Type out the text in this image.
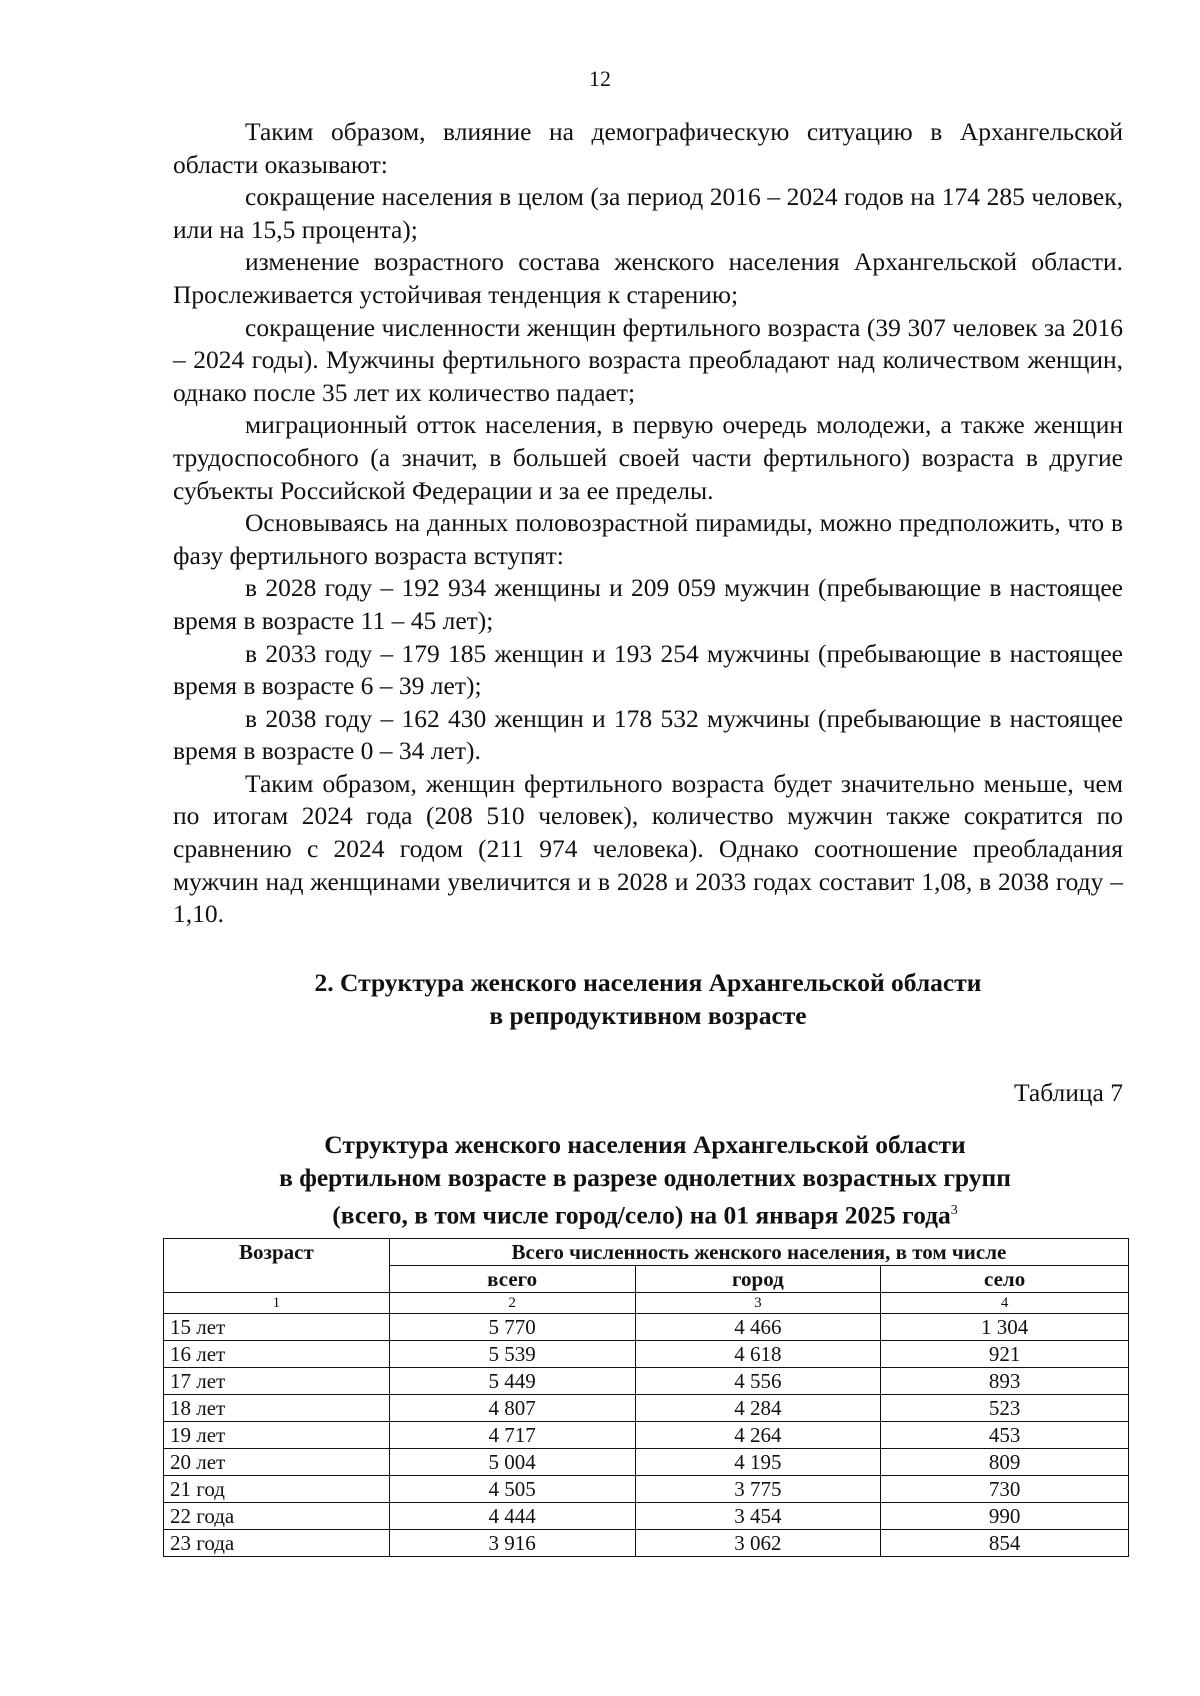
12

Таким образом, влияние на демографическую ситуацию в Архангельской области оказывают:

сокращение населения в целом (за период 2016 – 2024 годов на 174 285 человек, или на 15,5 процента);

изменение возрастного состава женского населения Архангельской области. Прослеживается устойчивая тенденция к старению;

сокращение численности женщин фертильного возраста (39 307 человек за 2016 – 2024 годы). Мужчины фертильного возраста преобладают над количеством женщин, однако после 35 лет их количество падает;

миграционный отток населения, в первую очередь молодежи, а также женщин трудоспособного (а значит, в большей своей части фертильного) возраста в другие субъекты Российской Федерации и за ее пределы.

Основываясь на данных половозрастной пирамиды, можно предположить, что в фазу фертильного возраста вступят:

в 2028 году – 192 934 женщины и 209 059 мужчин (пребывающие в настоящее время в возрасте 11 – 45 лет);

в 2033 году – 179 185 женщин и 193 254 мужчины (пребывающие в настоящее время в возрасте 6 – 39 лет);

в 2038 году – 162 430 женщин и 178 532 мужчины (пребывающие в настоящее время в возрасте 0 – 34 лет).

Таким образом, женщин фертильного возраста будет значительно меньше, чем по итогам 2024 года (208 510 человек), количество мужчин также сократится по сравнению с 2024 годом (211 974 человека). Однако соотношение преобладания мужчин над женщинами увеличится и в 2028 и 2033 годах составит 1,08, в 2038 году – 1,10.

2. Структура женского населения Архангельской области
в репродуктивном возрасте
Таблица 7
Структура женского населения Архангельской области
в фертильном возрасте в разрезе однолетних возрастных групп
(всего, в том числе город/село) на 01 января 2025 года$^3$
Возраст	Всего численность женского населения, в том числе		
	всего	город	село
1	2	3	4
15 лет	5 770	4 466	1 304
16 лет	5 539	4 618	921
17 лет	5 449	4 556	893
18 лет	4 807	4 284	523
19 лет	4 717	4 264	453
20 лет	5 004	4 195	809
21 год	4 505	3 775	730
22 года	4 444	3 454	990
23 года	3 916	3 062	854
